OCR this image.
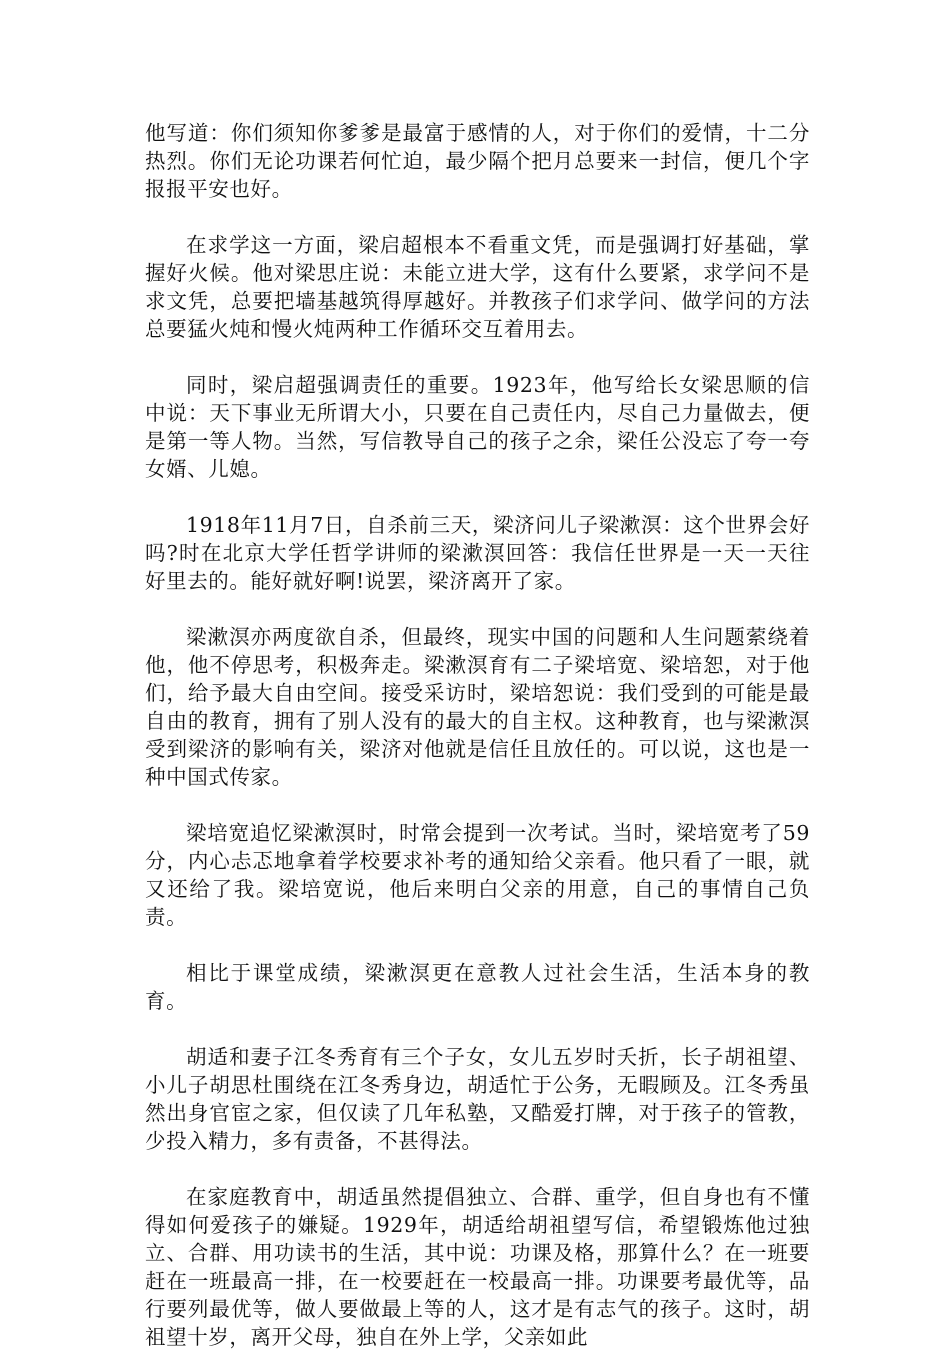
他写道：你们须知你爹爹是最富于感情的人，对于你们的爱情，十二分热烈。你们无论功课若何忙迫，最少隔个把月总要来一封信，便几个字报报平安也好。

在求学这一方面，梁启超根本不看重文凭，而是强调打好基础，掌握好火候。他对梁思庄说：未能立进大学，这有什么要紧，求学问不是求文凭，总要把墙基越筑得厚越好。并教孩子们求学问、做学问的方法总要猛火炖和慢火炖两种工作循环交互着用去。

同时，梁启超强调责任的重要。1923年，他写给长女梁思顺的信中说：天下事业无所谓大小，只要在自己责任内，尽自己力量做去，便是第一等人物。当然，写信教导自己的孩子之余，梁任公没忘了夸一夸女婿、儿媳。

1918年11月7日，自杀前三天，梁济问儿子梁漱溟：这个世界会好吗?时在北京大学任哲学讲师的梁漱溟回答：我信任世界是一天一天往好里去的。能好就好啊!说罢，梁济离开了家。

梁漱溟亦两度欲自杀，但最终，现实中国的问题和人生问题萦绕着他，他不停思考，积极奔走。梁漱溟育有二子梁培宽、梁培恕，对于他们，给予最大自由空间。接受采访时，梁培恕说：我们受到的可能是最自由的教育，拥有了别人没有的最大的自主权。这种教育，也与梁漱溟受到梁济的影响有关，梁济对他就是信任且放任的。可以说，这也是一种中国式传家。

梁培宽追忆梁漱溟时，时常会提到一次考试。当时，梁培宽考了59分，内心忐忑地拿着学校要求补考的通知给父亲看。他只看了一眼，就又还给了我。梁培宽说，他后来明白父亲的用意，自己的事情自己负责。

相比于课堂成绩，梁漱溟更在意教人过社会生活，生活本身的教育。

胡适和妻子江冬秀育有三个子女，女儿五岁时夭折，长子胡祖望、小儿子胡思杜围绕在江冬秀身边，胡适忙于公务，无暇顾及。江冬秀虽然出身官宦之家，但仅读了几年私塾，又酷爱打牌，对于孩子的管教，少投入精力，多有责备，不甚得法。

在家庭教育中，胡适虽然提倡独立、合群、重学，但自身也有不懂得如何爱孩子的嫌疑。1929年，胡适给胡祖望写信，希望锻炼他过独立、合群、用功读书的生活，其中说：功课及格，那算什么？在一班要赶在一班最高一排，在一校要赶在一校最高一排。功课要考最优等，品行要列最优等，做人要做最上等的人，这才是有志气的孩子。这时，胡祖望十岁，离开父母，独自在外上学，父亲如此
